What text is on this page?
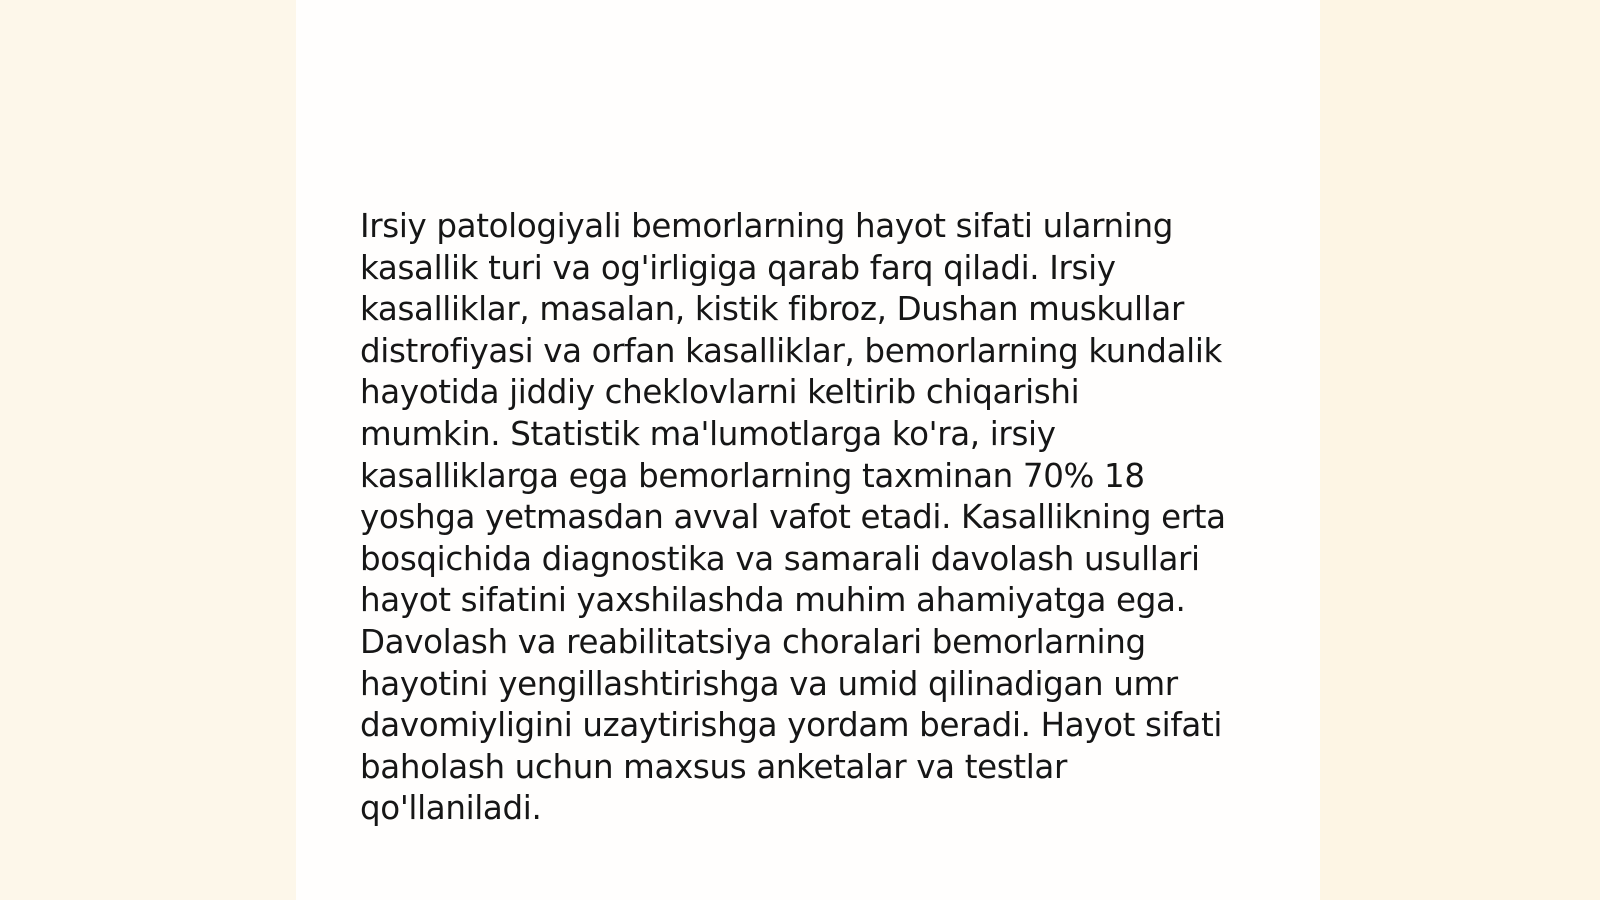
Irsiy patologiyali bemorlarning hayot sifati ularning
kasallik turi va og'irligiga qarab farq qiladi. Irsiy
kasalliklar, masalan, kistik fibroz, Dushan muskullar
distrofiyasi va orfan kasalliklar, bemorlarning kundalik
hayotida jiddiy cheklovlarni keltirib chiqarishi
mumkin. Statistik ma'lumotlarga ko'ra, irsiy
kasalliklarga ega bemorlarning taxminan 70% 18
yoshga yetmasdan avval vafot etadi. Kasallikning erta
bosqichida diagnostika va samarali davolash usullari
hayot sifatini yaxshilashda muhim ahamiyatga ega.
Davolash va reabilitatsiya choralari bemorlarning
hayotini yengillashtirishga va umid qilinadigan umr
davomiyligini uzaytirishga yordam beradi. Hayot sifati
baholash uchun maxsus anketalar va testlar
qo'llaniladi.
